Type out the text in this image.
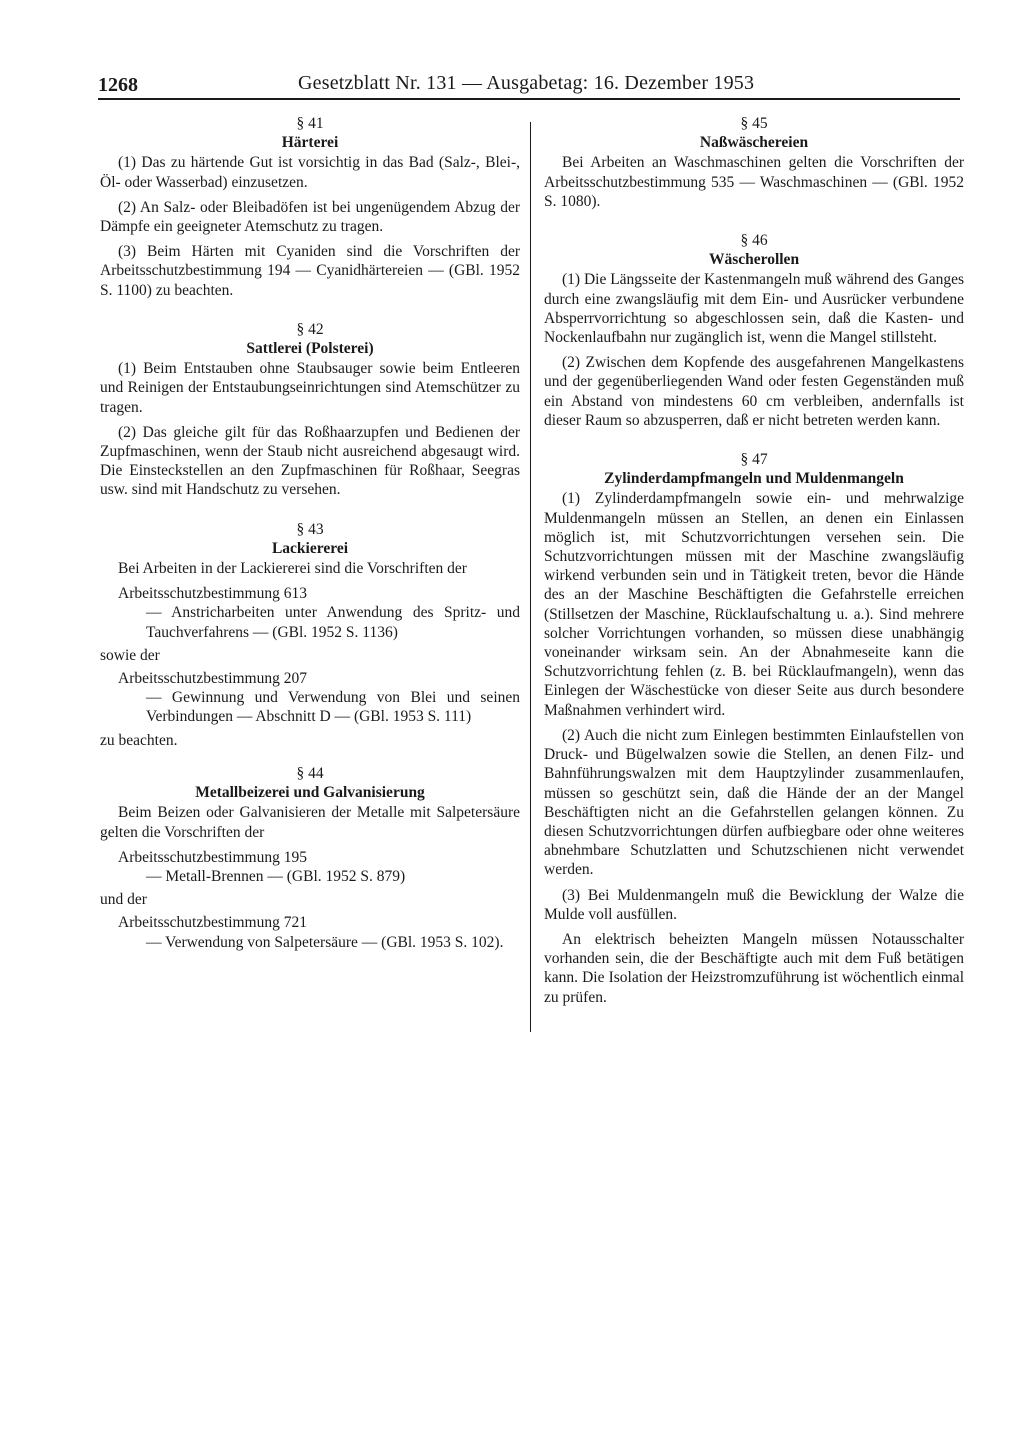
1268	Gesetzblatt Nr. 131 — Ausgabetag: 16. Dezember 1953

§ 41

Härterei

(1) Das zu härtende Gut ist vorsichtig in das Bad (Salz-, Blei-, Öl- oder Wasserbad) einzusetzen.

(2) An Salz- oder Bleibadöfen ist bei ungenügendem Abzug der Dämpfe ein geeigneter Atemschutz zu tragen.

(3) Beim Härten mit Cyaniden sind die Vorschriften der Arbeitsschutzbestimmung 194 — Cyanidhärtereien — (GBl. 1952 S. 1100) zu beachten.

§ 42

Sattlerei (Polsterei)

(1) Beim Entstauben ohne Staubsauger sowie beim Entleeren und Reinigen der Entstaubungseinrichtungen sind Atemschützer zu tragen.

(2) Das gleiche gilt für das Roßhaarzupfen und Bedienen der Zupfmaschinen, wenn der Staub nicht ausreichend abgesaugt wird. Die Einsteckstellen an den Zupfmaschinen für Roßhaar, Seegras usw. sind mit Handschutz zu versehen.

§ 43

Lackiererei

Bei Arbeiten in der Lackiererei sind die Vorschriften der

Arbeitsschutzbestimmung 613

— Anstricharbeiten unter Anwendung des Spritz- und Tauchverfahrens — (GBl. 1952 S. 1136)

sowie der

Arbeitsschutzbestimmung 207

— Gewinnung und Verwendung von Blei und seinen Verbindungen — Abschnitt D — (GBl. 1953 S. 111)

zu beachten.

§ 44

Metallbeizerei und Galvanisierung

Beim Beizen oder Galvanisieren der Metalle mit Salpetersäure gelten die Vorschriften der

Arbeitsschutzbestimmung 195

— Metall-Brennen — (GBl. 1952 S. 879)

und der

Arbeitsschutzbestimmung 721

— Verwendung von Salpetersäure — (GBl. 1953 S. 102).

§ 45

Naßwäschereien

Bei Arbeiten an Waschmaschinen gelten die Vorschriften der Arbeitsschutzbestimmung 535 — Waschmaschinen — (GBl. 1952 S. 1080).

§ 46

Wäscherollen

(1) Die Längsseite der Kastenmangeln muß während des Ganges durch eine zwangsläufig mit dem Ein- und Ausrücker verbundene Absperrvorrichtung so abgeschlossen sein, daß die Kasten- und Nockenlaufbahn nur zugänglich ist, wenn die Mangel stillsteht.

(2) Zwischen dem Kopfende des ausgefahrenen Mangelkastens und der gegenüberliegenden Wand oder festen Gegenständen muß ein Abstand von mindestens 60 cm verbleiben, andernfalls ist dieser Raum so abzusperren, daß er nicht betreten werden kann.

§ 47

Zylinderdampfmangeln und Muldenmangeln

(1) Zylinderdampfmangeln sowie ein- und mehrwalzige Muldenmangeln müssen an Stellen, an denen ein Einlassen möglich ist, mit Schutzvorrichtungen versehen sein. Die Schutzvorrichtungen müssen mit der Maschine zwangsläufig wirkend verbunden sein und in Tätigkeit treten, bevor die Hände des an der Maschine Beschäftigten die Gefahrstelle erreichen (Stillsetzen der Maschine, Rücklaufschaltung u. a.). Sind mehrere solcher Vorrichtungen vorhanden, so müssen diese unabhängig voneinander wirksam sein. An der Abnahmeseite kann die Schutzvorrichtung fehlen (z. B. bei Rücklaufmangeln), wenn das Einlegen der Wäschestücke von dieser Seite aus durch besondere Maßnahmen verhindert wird.

(2) Auch die nicht zum Einlegen bestimmten Einlaufstellen von Druck- und Bügelwalzen sowie die Stellen, an denen Filz- und Bahnführungswalzen mit dem Hauptzylinder zusammenlaufen, müssen so geschützt sein, daß die Hände der an der Mangel Beschäftigten nicht an die Gefahrstellen gelangen können. Zu diesen Schutzvorrichtungen dürfen aufbiegbare oder ohne weiteres abnehmbare Schutzlatten und Schutzschienen nicht verwendet werden.

(3) Bei Muldenmangeln muß die Bewicklung der Walze die Mulde voll ausfüllen.

An elektrisch beheizten Mangeln müssen Notausschalter vorhanden sein, die der Beschäftigte auch mit dem Fuß betätigen kann. Die Isolation der Heizstromzuführung ist wöchentlich einmal zu prüfen.
